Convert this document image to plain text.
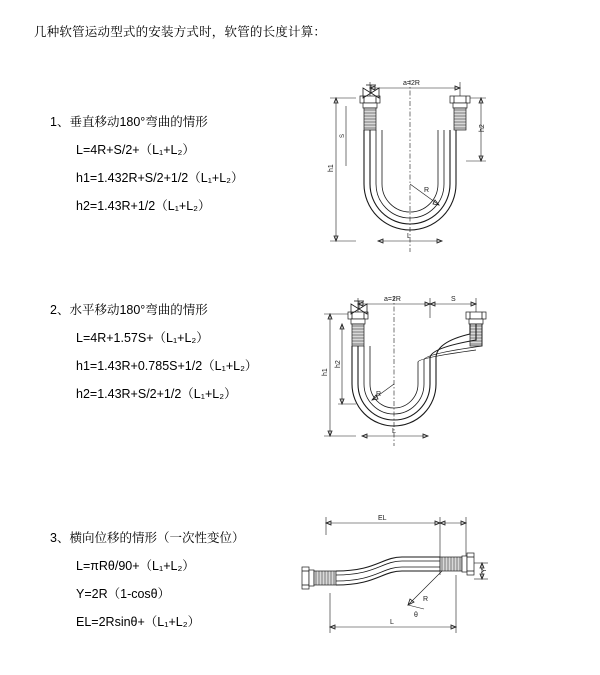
几种软管运动型式的安装方式时，软管的长度计算：
1、垂直移动180°弯曲的情形
L=4R+S/2+（L₁+L₂）
h1=1.432R+S/2+1/2（L₁+L₂）
h2=1.43R+1/2（L₁+L₂）
a=2R
h2
h1
R
L
S
2、水平移动180°弯曲的情形
L=4R+1.57S+（L₁+L₂）
h1=1.43R+0.785S+1/2（L₁+L₂）
h2=1.43R+S/2+1/2（L₁+L₂）
a=2R	S
h1
h2
R
L
3、横向位移的情形（一次性变位）
L=πRθ/90+（L₁+L₂）
Y=2R（1-cosθ）
EL=2Rsinθ+（L₁+L₂）
EL
Y
R
θ
L
